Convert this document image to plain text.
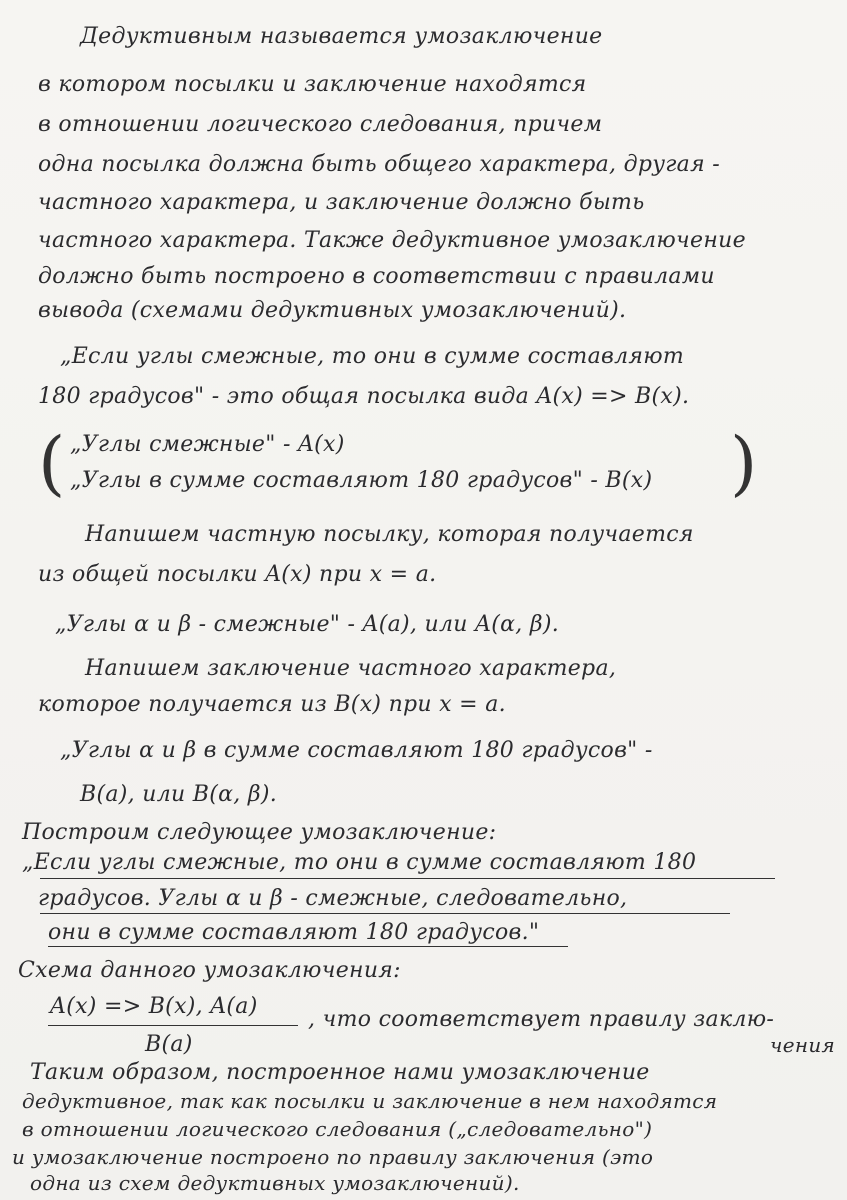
Дедуктивным называется умозаключение
в котором посылки и заключение находятся
в отношении логического следования, причем
одна посылка должна быть общего характера, другая -
частного характера, и заключение должно быть
частного характера. Также дедуктивное умозаключение
должно быть построено в соответствии с правилами
вывода (схемами дедуктивных умозаключений).
„Если углы смежные, то они в сумме составляют
180 градусов" - это общая посылка вида A(x) => B(x).
( „Углы смежные" - A(x)
„Углы в сумме составляют 180 градусов" - B(x) )
Напишем частную посылку, которая получается
из общей посылки A(x) при x = a.
„Углы α и β - смежные" - A(a), или A(α, β).
Напишем заключение частного характера,
которое получается из B(x) при x = a.
„Углы α и β в сумме составляют 180 градусов" -
B(a), или B(α, β).
Построим следующее умозаключение:
„Если углы смежные, то они в сумме составляют 180
градусов. Углы α и β - смежные, следовательно,
они в сумме составляют 180 градусов."
Схема данного умозаключения:
A(x) => B(x), A(a)
B(a)
, что соответствует правилу заклю-
чения
Таким образом, построенное нами умозаключение
дедуктивное, так как посылки и заключение в нем находятся
в отношении логического следования („следовательно")
и умозаключение построено по правилу заключения (это
одна из схем дедуктивных умозаключений).
